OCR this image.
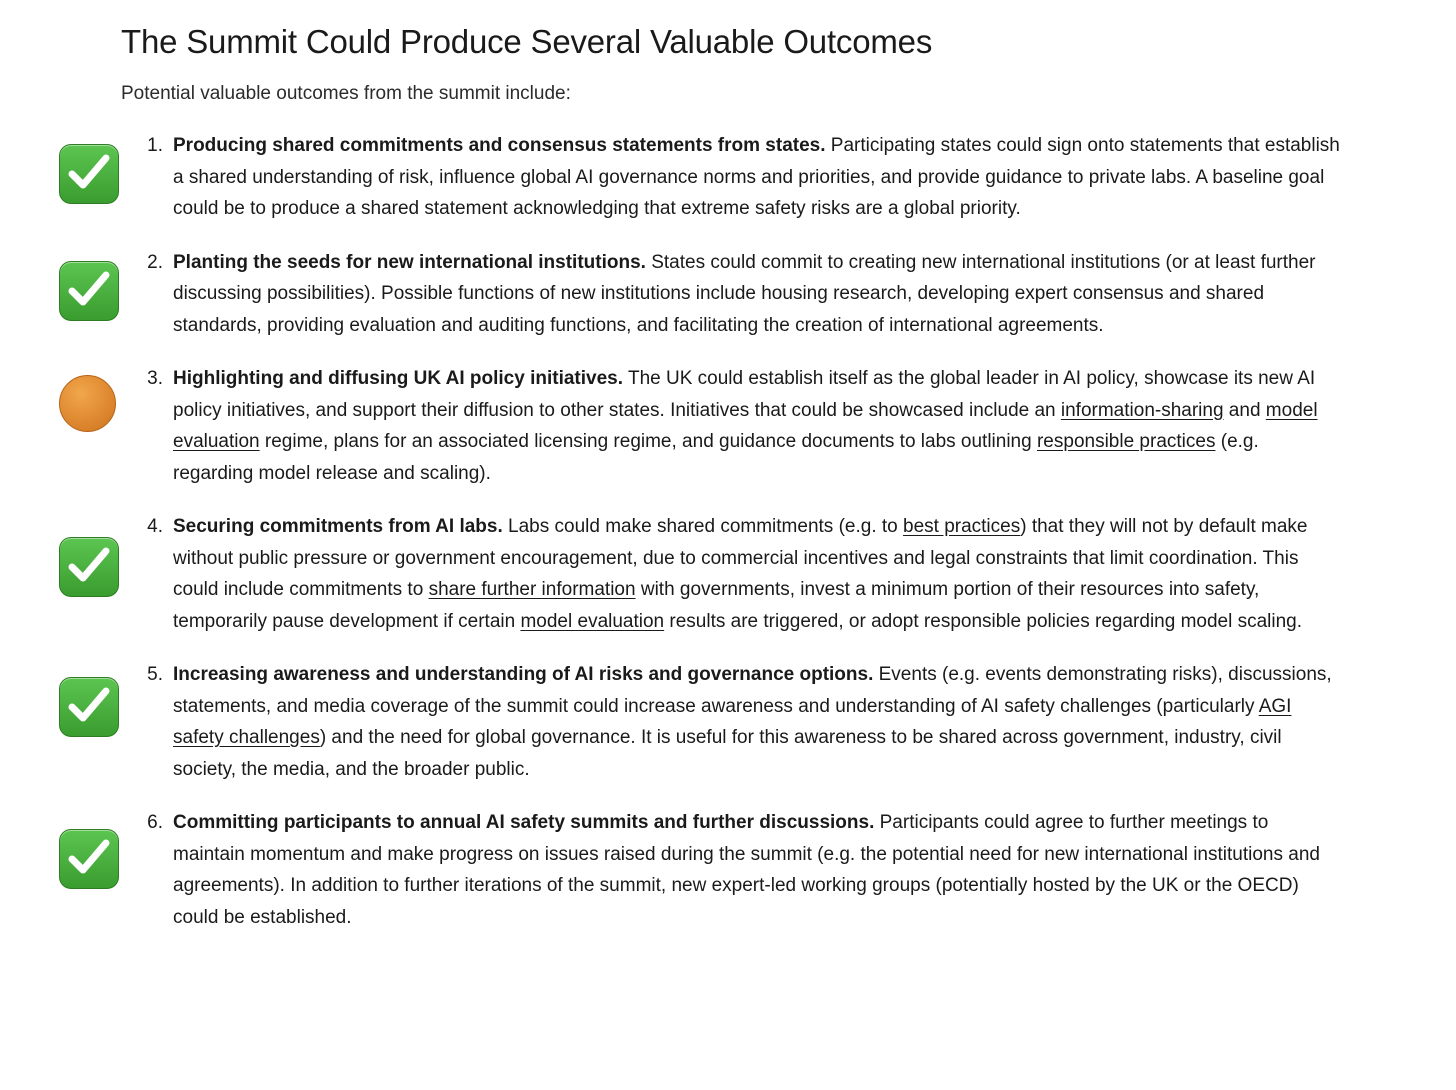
The Summit Could Produce Several Valuable Outcomes

Potential valuable outcomes from the summit include:

1. Producing shared commitments and consensus statements from states. Participating states could sign onto statements that establish a shared understanding of risk, influence global AI governance norms and priorities, and provide guidance to private labs. A baseline goal could be to produce a shared statement acknowledging that extreme safety risks are a global priority.
2. Planting the seeds for new international institutions. States could commit to creating new international institutions (or at least further discussing possibilities). Possible functions of new institutions include housing research, developing expert consensus and shared standards, providing evaluation and auditing functions, and facilitating the creation of international agreements.
3. Highlighting and diffusing UK AI policy initiatives. The UK could establish itself as the global leader in AI policy, showcase its new AI policy initiatives, and support their diffusion to other states. Initiatives that could be showcased include an information-sharing and model evaluation regime, plans for an associated licensing regime, and guidance documents to labs outlining responsible practices (e.g. regarding model release and scaling).
4. Securing commitments from AI labs. Labs could make shared commitments (e.g. to best practices) that they will not by default make without public pressure or government encouragement, due to commercial incentives and legal constraints that limit coordination. This could include commitments to share further information with governments, invest a minimum portion of their resources into safety, temporarily pause development if certain model evaluation results are triggered, or adopt responsible policies regarding model scaling.
5. Increasing awareness and understanding of AI risks and governance options. Events (e.g. events demonstrating risks), discussions, statements, and media coverage of the summit could increase awareness and understanding of AI safety challenges (particularly AGI safety challenges) and the need for global governance. It is useful for this awareness to be shared across government, industry, civil society, the media, and the broader public.
6. Committing participants to annual AI safety summits and further discussions. Participants could agree to further meetings to maintain momentum and make progress on issues raised during the summit (e.g. the potential need for new international institutions and agreements). In addition to further iterations of the summit, new expert-led working groups (potentially hosted by the UK or the OECD) could be established.
